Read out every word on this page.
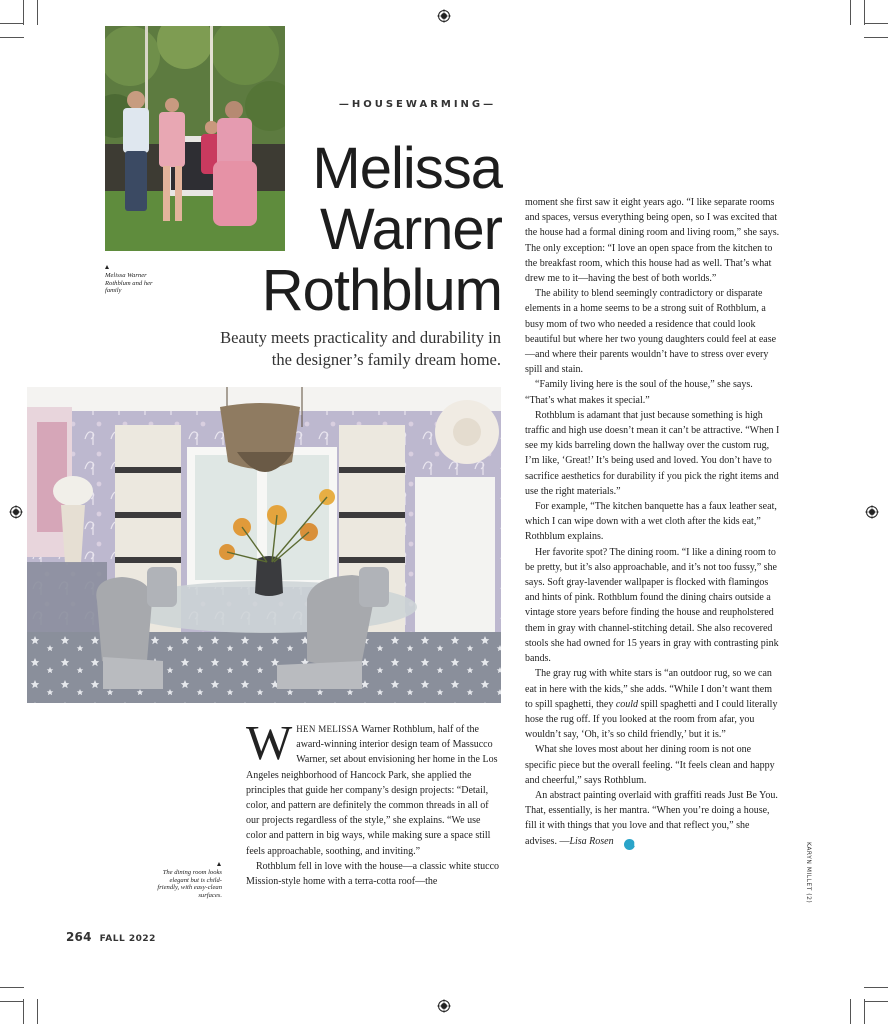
Melissa Warner Rothblum and her family
—HOUSEWARMING—
Melissa
Warner
Rothblum
Beauty meets practicality and durability in the designer’s family dream home.
The dining room looks elegant but is child-friendly, with easy-clean surfaces.

WHEN MELISSA Warner Rothblum, half of the award-winning interior design team of Massucco Warner, set about envisioning her home in the Los Angeles neighborhood of Hancock Park, she applied the principles that guide her company’s design projects: “Detail, color, and pattern are definitely the common threads in all of our projects regardless of the style,” she explains. “We use color and pattern in big ways, while making sure a space still feels approachable, soothing, and inviting.”

Rothblum fell in love with the house—a classic white stucco Mission-style home with a terra-cotta roof—the

moment she first saw it eight years ago. “I like separate rooms and spaces, versus everything being open, so I was excited that the house had a formal dining room and living room,” she says. The only exception: “I love an open space from the kitchen to the breakfast room, which this house had as well. That’s what drew me to it—having the best of both worlds.”

The ability to blend seemingly contradictory or disparate elements in a home seems to be a strong suit of Rothblum, a busy mom of two who needed a residence that could look beautiful but where her two young daughters could feel at ease—and where their parents wouldn’t have to stress over every spill and stain.

“Family living here is the soul of the house,” she says. “That’s what makes it special.”

Rothblum is adamant that just because something is high traffic and high use doesn’t mean it can’t be attractive. “When I see my kids barreling down the hallway over the custom rug, I’m like, ‘Great!’ It’s being used and loved. You don’t have to sacrifice aesthetics for durability if you pick the right items and use the right materials.”

For example, “The kitchen banquette has a faux leather seat, which I can wipe down with a wet cloth after the kids eat,” Rothblum explains.

Her favorite spot? The dining room. “I like a dining room to be pretty, but it’s also approachable, and it’s not too fussy,” she says. Soft gray-lavender wallpaper is flocked with flamingos and hints of pink. Rothblum found the dining chairs outside a vintage store years before finding the house and reupholstered them in gray with channel-stitching detail. She also recovered stools she had owned for 15 years in gray with contrasting pink bands.

The gray rug with white stars is “an outdoor rug, so we can eat in here with the kids,” she adds. “While I don’t want them to spill spaghetti, they could spill spaghetti and I could literally hose the rug off. If you looked at the room from afar, you wouldn’t say, ‘Oh, it’s so child friendly,’ but it is.”

What she loves most about her dining room is not one specific piece but the overall feeling. “It feels clean and happy and cheerful,” says Rothblum.

An abstract painting overlaid with graffiti reads Just Be You. That, essentially, is her mantra. “When you’re doing a house, fill it with things that you love and that reflect you,” she advises. —Lisa Rosen	E

264 FALL 2022
KARYN MILLET (2)
